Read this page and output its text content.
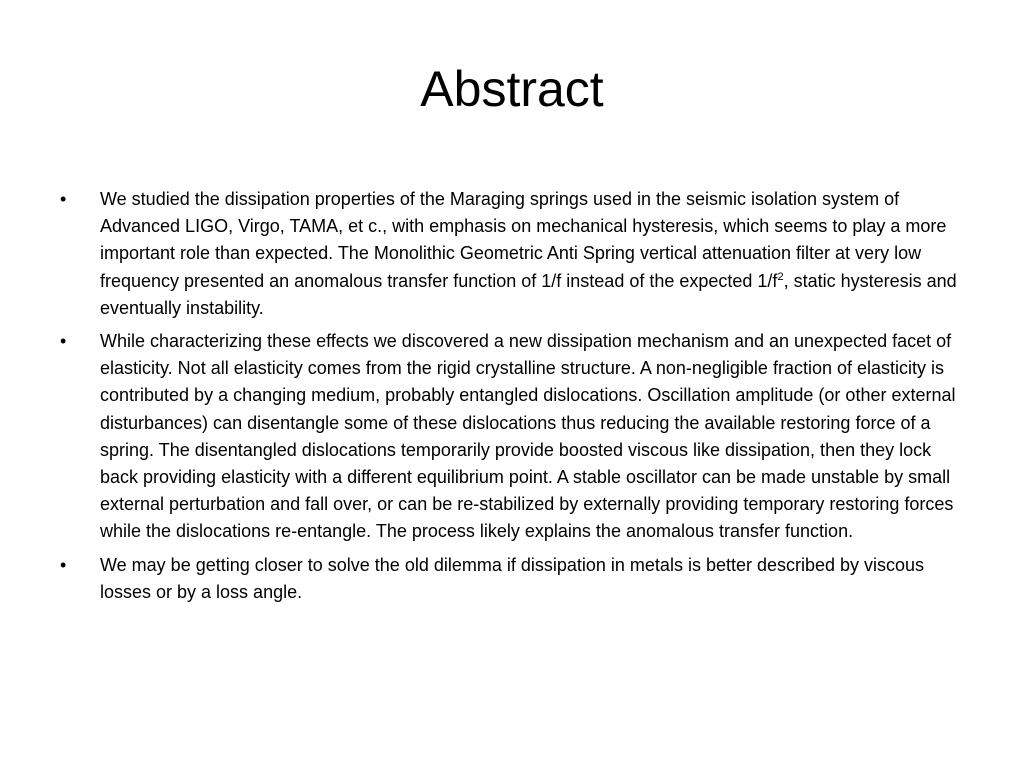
Abstract
• We studied the dissipation properties of the Maraging springs used in the seismic isolation system of Advanced LIGO, Virgo, TAMA, et c., with emphasis on mechanical hysteresis, which seems to play a more important role than expected. The Monolithic Geometric Anti Spring vertical attenuation filter at very low frequency presented an anomalous transfer function of 1/f instead of the expected $1/f^2$, static hysteresis and eventually instability.
• While characterizing these effects we discovered a new dissipation mechanism and an unexpected facet of elasticity. Not all elasticity comes from the rigid crystalline structure. A non-negligible fraction of elasticity is contributed by a changing medium, probably entangled dislocations. Oscillation amplitude (or other external disturbances) can disentangle some of these dislocations thus reducing the available restoring force of a spring. The disentangled dislocations temporarily provide boosted viscous like dissipation, then they lock back providing elasticity with a different equilibrium point. A stable oscillator can be made unstable by small external perturbation and fall over, or can be re-stabilized by externally providing temporary restoring forces while the dislocations re-entangle. The process likely explains the anomalous transfer function.
• We may be getting closer to solve the old dilemma if dissipation in metals is better described by viscous losses or by a loss angle.
